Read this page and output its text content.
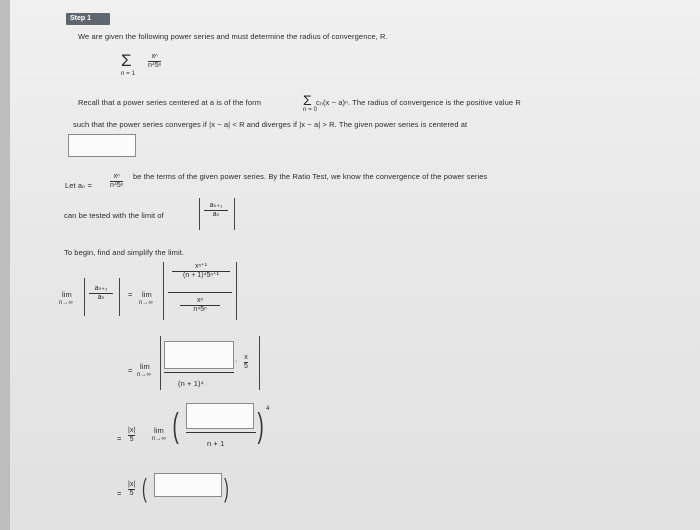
Step 1
We are given the following power series and must determine the radius of convergence, R.
Σ
n = 1
xⁿ
n⁴5ⁿ
Recall that a power series centered at a is of the form	Σ
n = 0
cₙ(x − a)ⁿ. The radius of convergence is the positive value R
such that the power series converges if |x − a| < R and diverges if |x − a| > R. The given power series is centered at
Let aₙ =
xⁿ
n⁴5ⁿ
be the terms of the given power series. By the Ratio Test, we know the convergence of the power series
can be tested with the limit of
aₙ₊₁
aₙ
To begin, find and simplify the limit.
lim
n→∞
aₙ₊₁
aₙ	= lim
n→∞
xⁿ⁺¹
(n + 1)⁴5ⁿ⁺¹
xⁿ
n⁴5ⁿ
= lim
n→∞
(n + 1)⁴
· x
5
=
|x|
5
lim
n→∞ (	n + 1 ) 4
=
|x|
5 (	)
